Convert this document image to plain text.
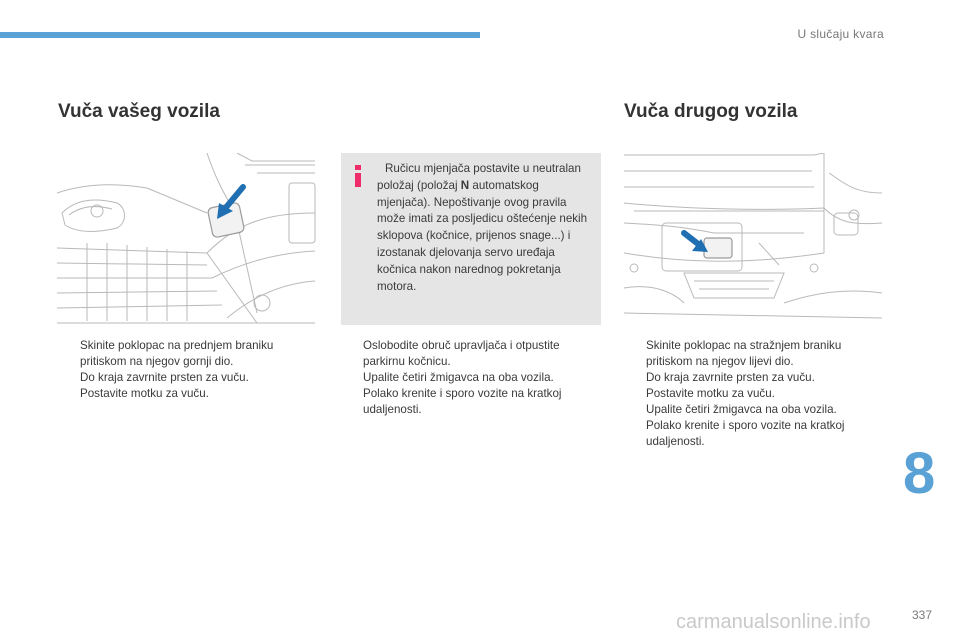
U slučaju kvara
Vuča vašeg vozila
Ručicu mjenjača postavite u neutralan položaj (položaj N automatskog mjenjača). Nepoštivanje ovog pravila može imati za posljedicu oštećenje nekih sklopova (kočnice, prijenos snage...) i izostanak djelovanja servo uređaja kočnica nakon narednog pokretanja motora.
Vuča drugog vozila
Skinite poklopac na prednjem braniku pritiskom na njegov gornji dio.
Do kraja zavrnite prsten za vuču.
Postavite motku za vuču.
Oslobodite obruč upravljača i otpustite parkirnu kočnicu.
Upalite četiri žmigavca na oba vozila.
Polako krenite i sporo vozite na kratkoj udaljenosti.
Skinite poklopac na stražnjem braniku pritiskom na njegov lijevi dio.
Do kraja zavrnite prsten za vuču.
Postavite motku za vuču.
Upalite četiri žmigavca na oba vozila.
Polako krenite i sporo vozite na kratkoj udaljenosti.	8
337
carmanualsonline.info
